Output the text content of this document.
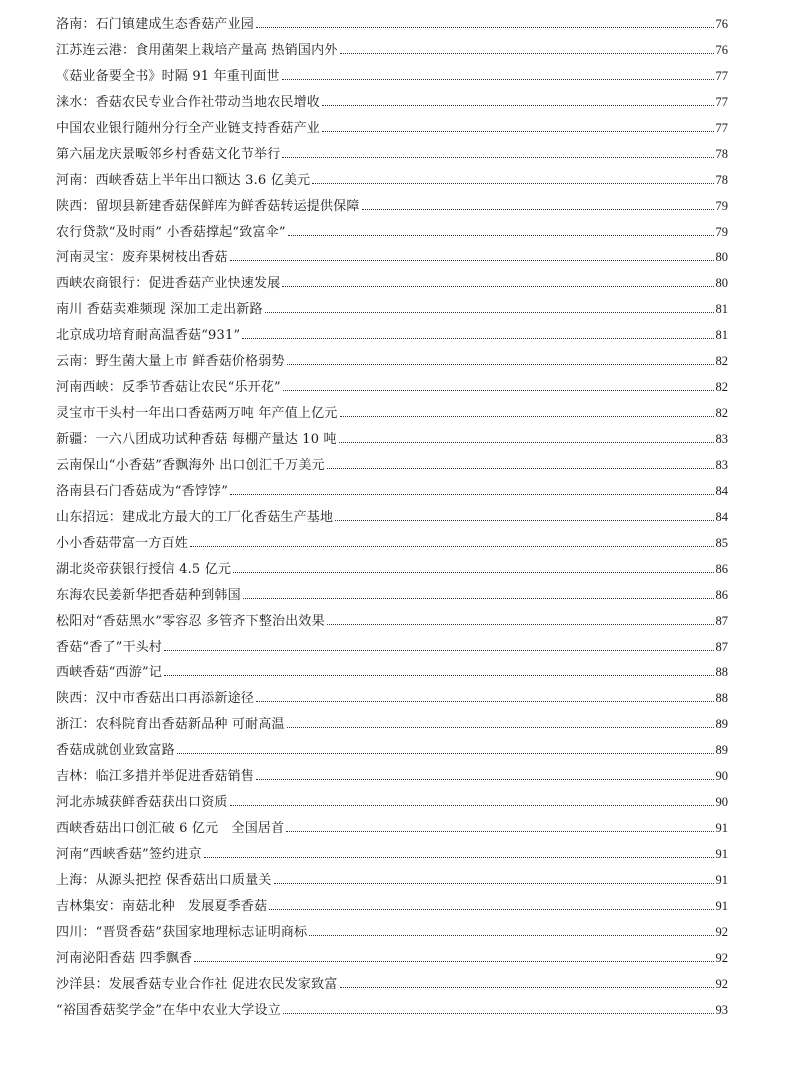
洛南：石门镇建成生态香菇产业园	76
江苏连云港：食用菌架上栽培产量高 热销国内外	76
《菇业备要全书》时隔 91 年重刊面世	77
涞水：香菇农民专业合作社带动当地农民增收	77
中国农业银行随州分行全产业链支持香菇产业	77
第六届龙庆景畈邻乡村香菇文化节举行	78
河南：西峡香菇上半年出口额达 3.6 亿美元	78
陕西：留坝县新建香菇保鲜库为鲜香菇转运提供保障	79
农行贷款“及时雨” 小香菇撑起“致富伞”	79
河南灵宝：废弃果树枝出香菇	80
西峡农商银行：促进香菇产业快速发展	80
南川 香菇卖难频现 深加工走出新路	81
北京成功培育耐高温香菇“931”	81
云南：野生菌大量上市 鲜香菇价格弱势	82
河南西峡：反季节香菇让农民“乐开花”	82
灵宝市干头村一年出口香菇两万吨 年产值上亿元	82
新疆：一六八团成功试种香菇 每棚产量达 10 吨	83
云南保山“小香菇”香飘海外 出口创汇千万美元	83
洛南县石门香菇成为“香饽饽”	84
山东招远：建成北方最大的工厂化香菇生产基地	84
小小香菇带富一方百姓	85
湖北炎帝获银行授信 4.5 亿元	86
东海农民姜新华把香菇种到韩国	86
松阳对“香菇黑水”零容忍 多管齐下整治出效果	87
香菇“香了”干头村	87
西峡香菇“西游”记	88
陕西：汉中市香菇出口再添新途径	88
浙江：农科院育出香菇新品种 可耐高温	89
香菇成就创业致富路	89
吉林：临江多措并举促进香菇销售	90
河北赤城获鲜香菇获出口资质	90
西峡香菇出口创汇破 6 亿元　全国居首	91
河南“西峡香菇”签约进京	91
上海：从源头把控 保香菇出口质量关	91
吉林集安：南菇北种　发展夏季香菇	91
四川：“晋贤香菇”获国家地理标志证明商标	92
河南泌阳香菇 四季飘香	92
沙洋县：发展香菇专业合作社 促进农民发家致富	92
“裕国香菇奖学金”在华中农业大学设立	93
